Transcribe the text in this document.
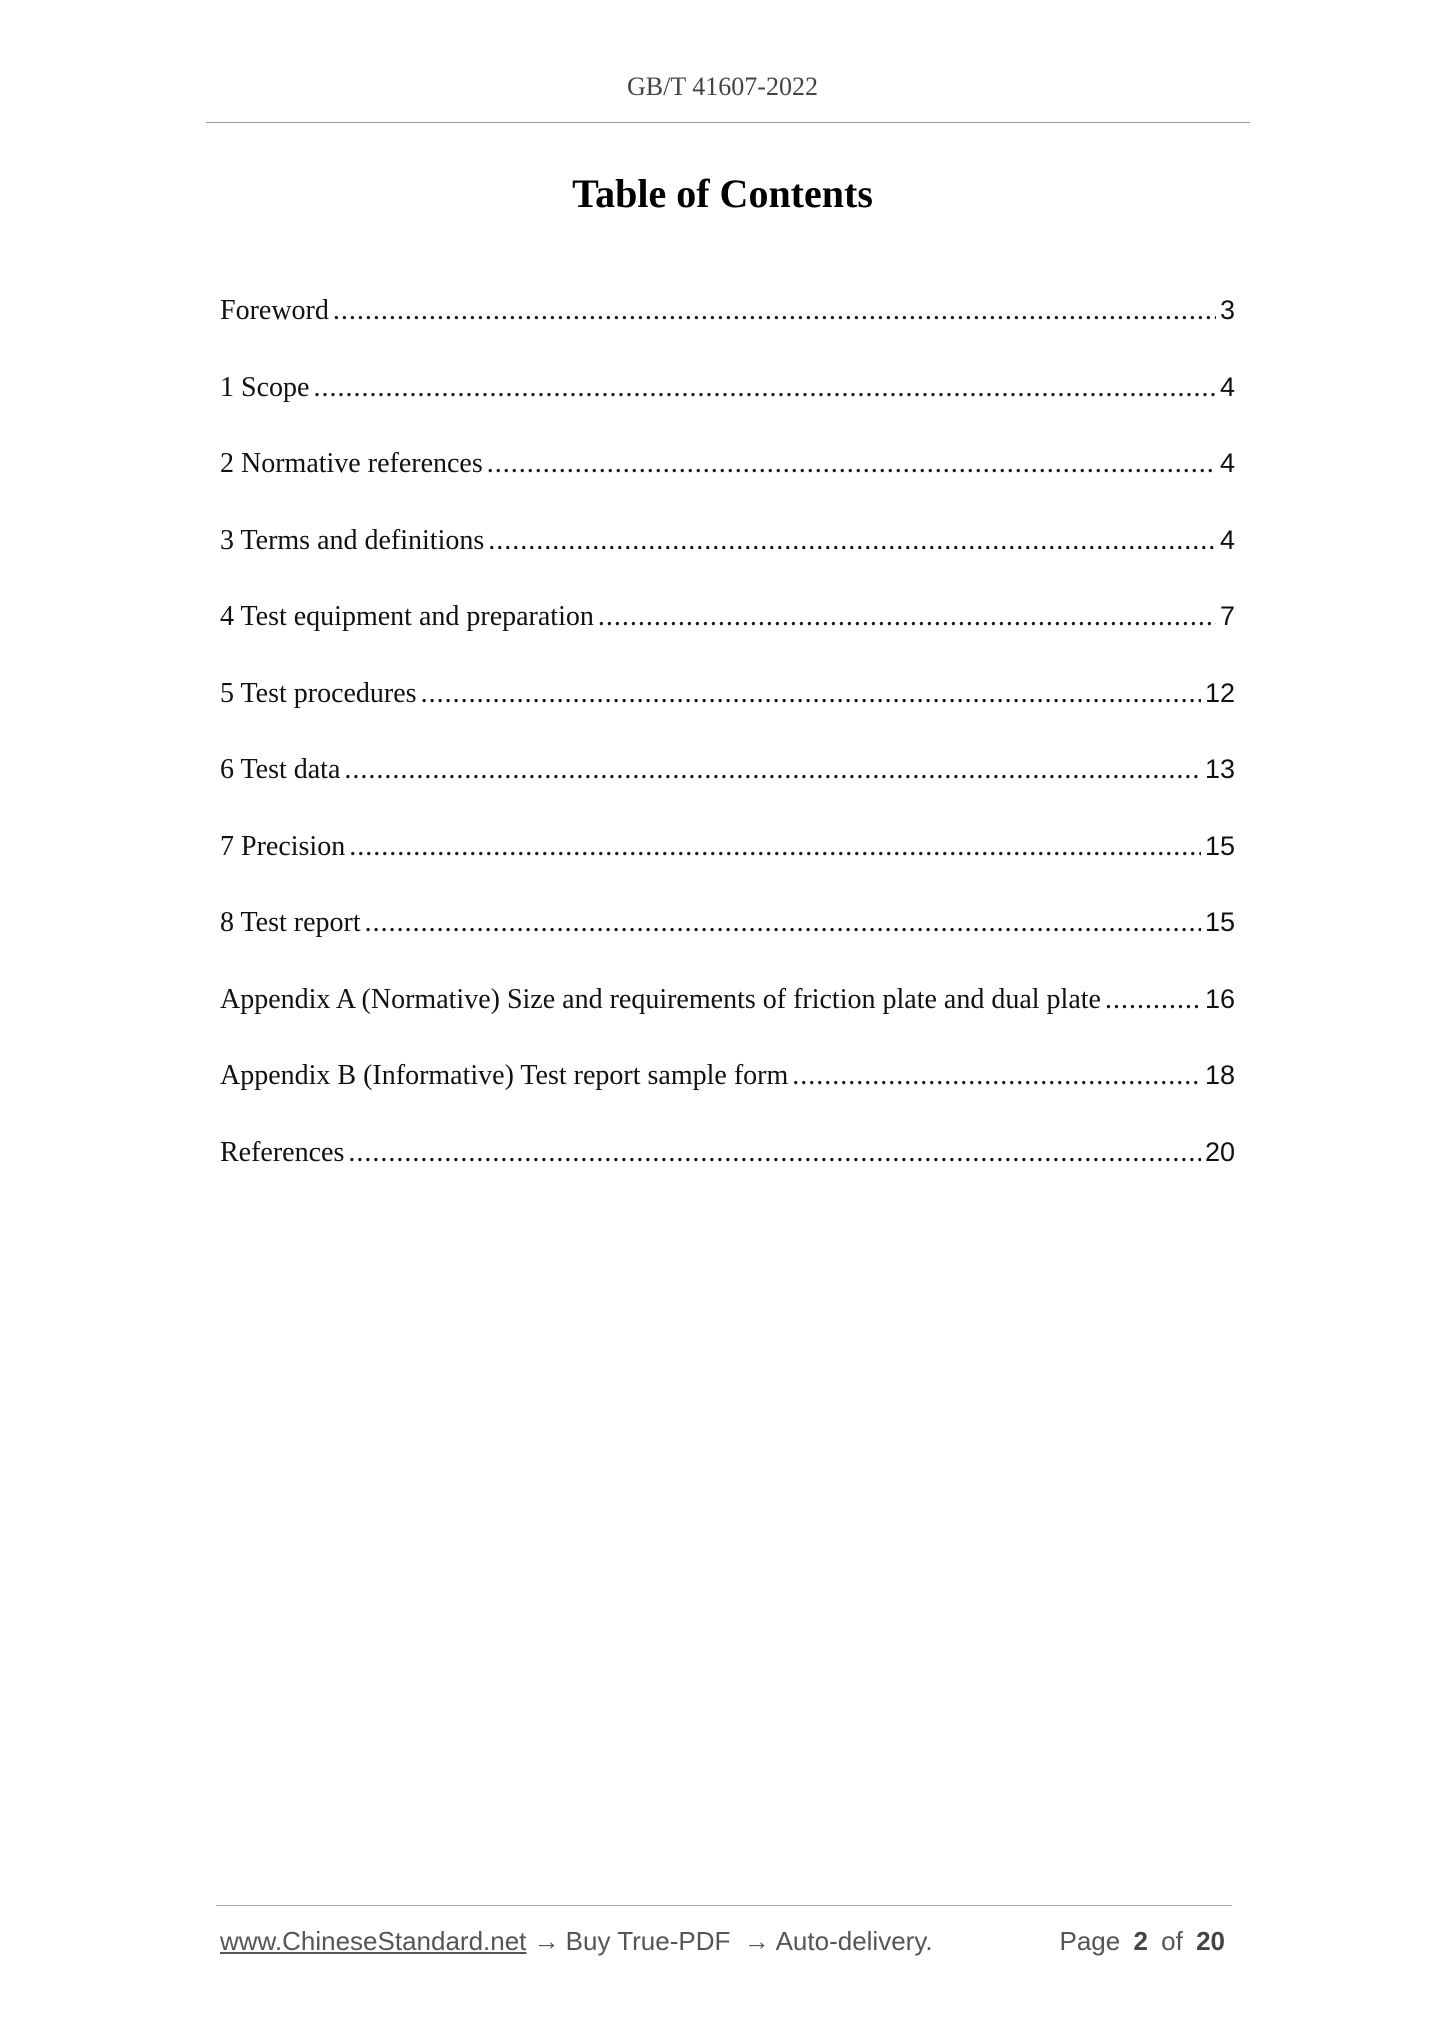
GB/T 41607-2022
Table of Contents
Foreword .....	3
1 Scope .....	4
2 Normative references .....	4
3 Terms and definitions .....	4
4 Test equipment and preparation .....	7
5 Test procedures .....	12
6 Test data .....	13
7 Precision .....	15
8 Test report .....	15
Appendix A (Normative) Size and requirements of friction plate and dual plate .....	16
Appendix B (Informative) Test report sample form .....	18
References .....	20
www.ChineseStandard.net → Buy True-PDF → Auto-delivery.	Page 2 of 20
